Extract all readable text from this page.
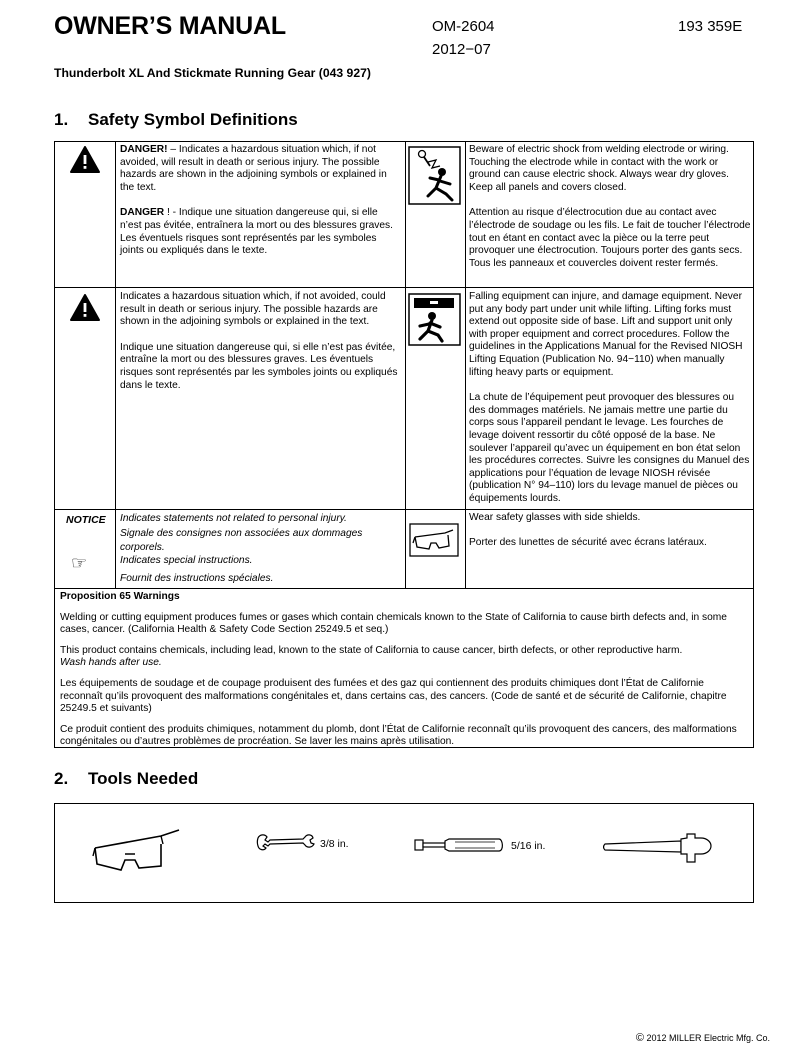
OWNER’S MANUAL	OM-2604
2012−07
193 359E
Thunderbolt XL And Stickmate Running Gear (043 927)
1. Safety Symbol Definitions

DANGER! – Indicates a hazardous situation which, if not avoided, will result in death or serious injury. The possible hazards are shown in the adjoining symbols or explained in the text.

DANGER ! - Indique une situation dangereuse qui, si elle n’est pas évitée, entraînera la mort ou des blessures graves. Les éventuels risques sont représentés par les symboles joints ou expliqués dans le texte.

Beware of electric shock from welding electrode or wiring. Touching the electrode while in contact with the work or ground can cause electric shock. Always wear dry gloves. Keep all panels and covers closed.

Attention au risque d’électrocution due au contact avec l’électrode de soudage ou les fils. Le fait de toucher l’électrode tout en étant en contact avec la pièce ou la terre peut provoquer une électrocution. Toujours porter des gants secs. Tous les panneaux et couvercles doivent rester fermés.

Indicates a hazardous situation which, if not avoided, could result in death or serious injury. The possible hazards are shown in the adjoining symbols or explained in the text.

Indique une situation dangereuse qui, si elle n’est pas évitée, entraîne la mort ou des blessures graves. Les éventuels risques sont représentés par les symboles joints ou expliqués dans le texte.

Falling equipment can injure, and damage equipment. Never put any body part under unit while lifting. Lifting forks must extend out opposite side of base. Lift and support unit only with proper equipment and correct procedures. Follow the guidelines in the Applications Manual for the Revised NIOSH Lifting Equation (Publication No. 94−110) when manually lifting heavy parts or equipment.

La chute de l’équipement peut provoquer des blessures ou des dommages matériels. Ne jamais mettre une partie du corps sous l’appareil pendant le levage. Les fourches de levage doivent ressortir du côté opposé de la base. Ne soulever l’appareil qu’avec un équipement en bon état selon les procédures correctes. Suivre les consignes du Manuel des applications pour l’équation de levage NIOSH révisée (publication N° 94–110) lors du levage manuel de pièces ou équipements lourds.

NOTICE
☞

Indicates statements not related to personal injury.

Signale des consignes non associées aux dommages corporels.

Indicates special instructions.

Fournit des instructions spéciales.

Wear safety glasses with side shields.

Porter des lunettes de sécurité avec écrans latéraux.

Proposition 65 Warnings

Welding or cutting equipment produces fumes or gases which contain chemicals known to the State of California to cause birth defects and, in some cases, cancer. (California Health & Safety Code Section 25249.5 et seq.)

This product contains chemicals, including lead, known to the state of California to cause cancer, birth defects, or other reproductive harm.
Wash hands after use.

Les équipements de soudage et de coupage produisent des fumées et des gaz qui contiennent des produits chimiques dont l’État de Californie reconnaît qu’ils provoquent des malformations congénitales et, dans certains cas, des cancers. (Code de santé et de sécurité de Californie, chapitre 25249.5 et suivants)

Ce produit contient des produits chimiques, notamment du plomb, dont l’État de Californie reconnaît qu’ils provoquent des cancers, des malformations congénitales ou d’autres problèmes de procréation. Se laver les mains après utilisation.

2. Tools Needed
3/8 in.	5/16 in.
© 2012 MILLER Electric Mfg. Co.
